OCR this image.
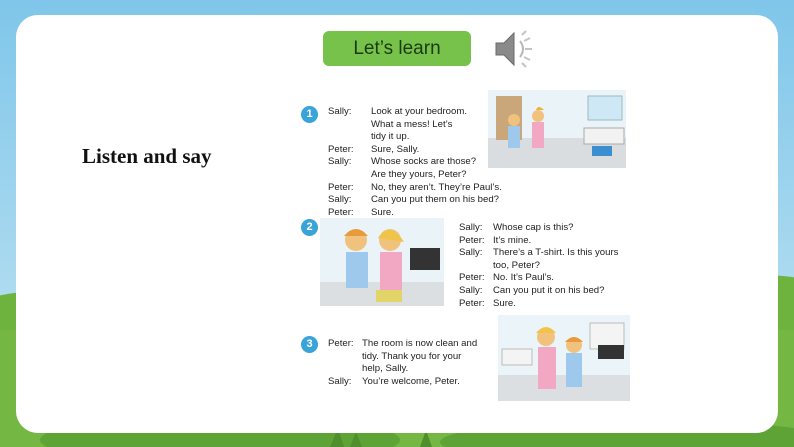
Let’s learn
Listen and say
1	Sally:	Look at your bedroom.
What a mess! Let’s
tidy it up.
Peter:	Sure, Sally.
Sally:	Whose socks are those?
Are they yours, Peter?
Peter:	No, they aren’t. They’re Paul’s.
Sally:	Can you put them on his bed?
Peter:	Sure.
2	Sally:	Whose cap is this?
Peter: It’s mine.
Sally:	There’s a T-shirt. Is this yours
too, Peter?
Peter: No. It’s Paul’s.
Sally:	Can you put it on his bed?
Peter: Sure.
3	Peter: The room is now clean and
tidy. Thank you for your
help, Sally.
Sally:	You’re welcome, Peter.
